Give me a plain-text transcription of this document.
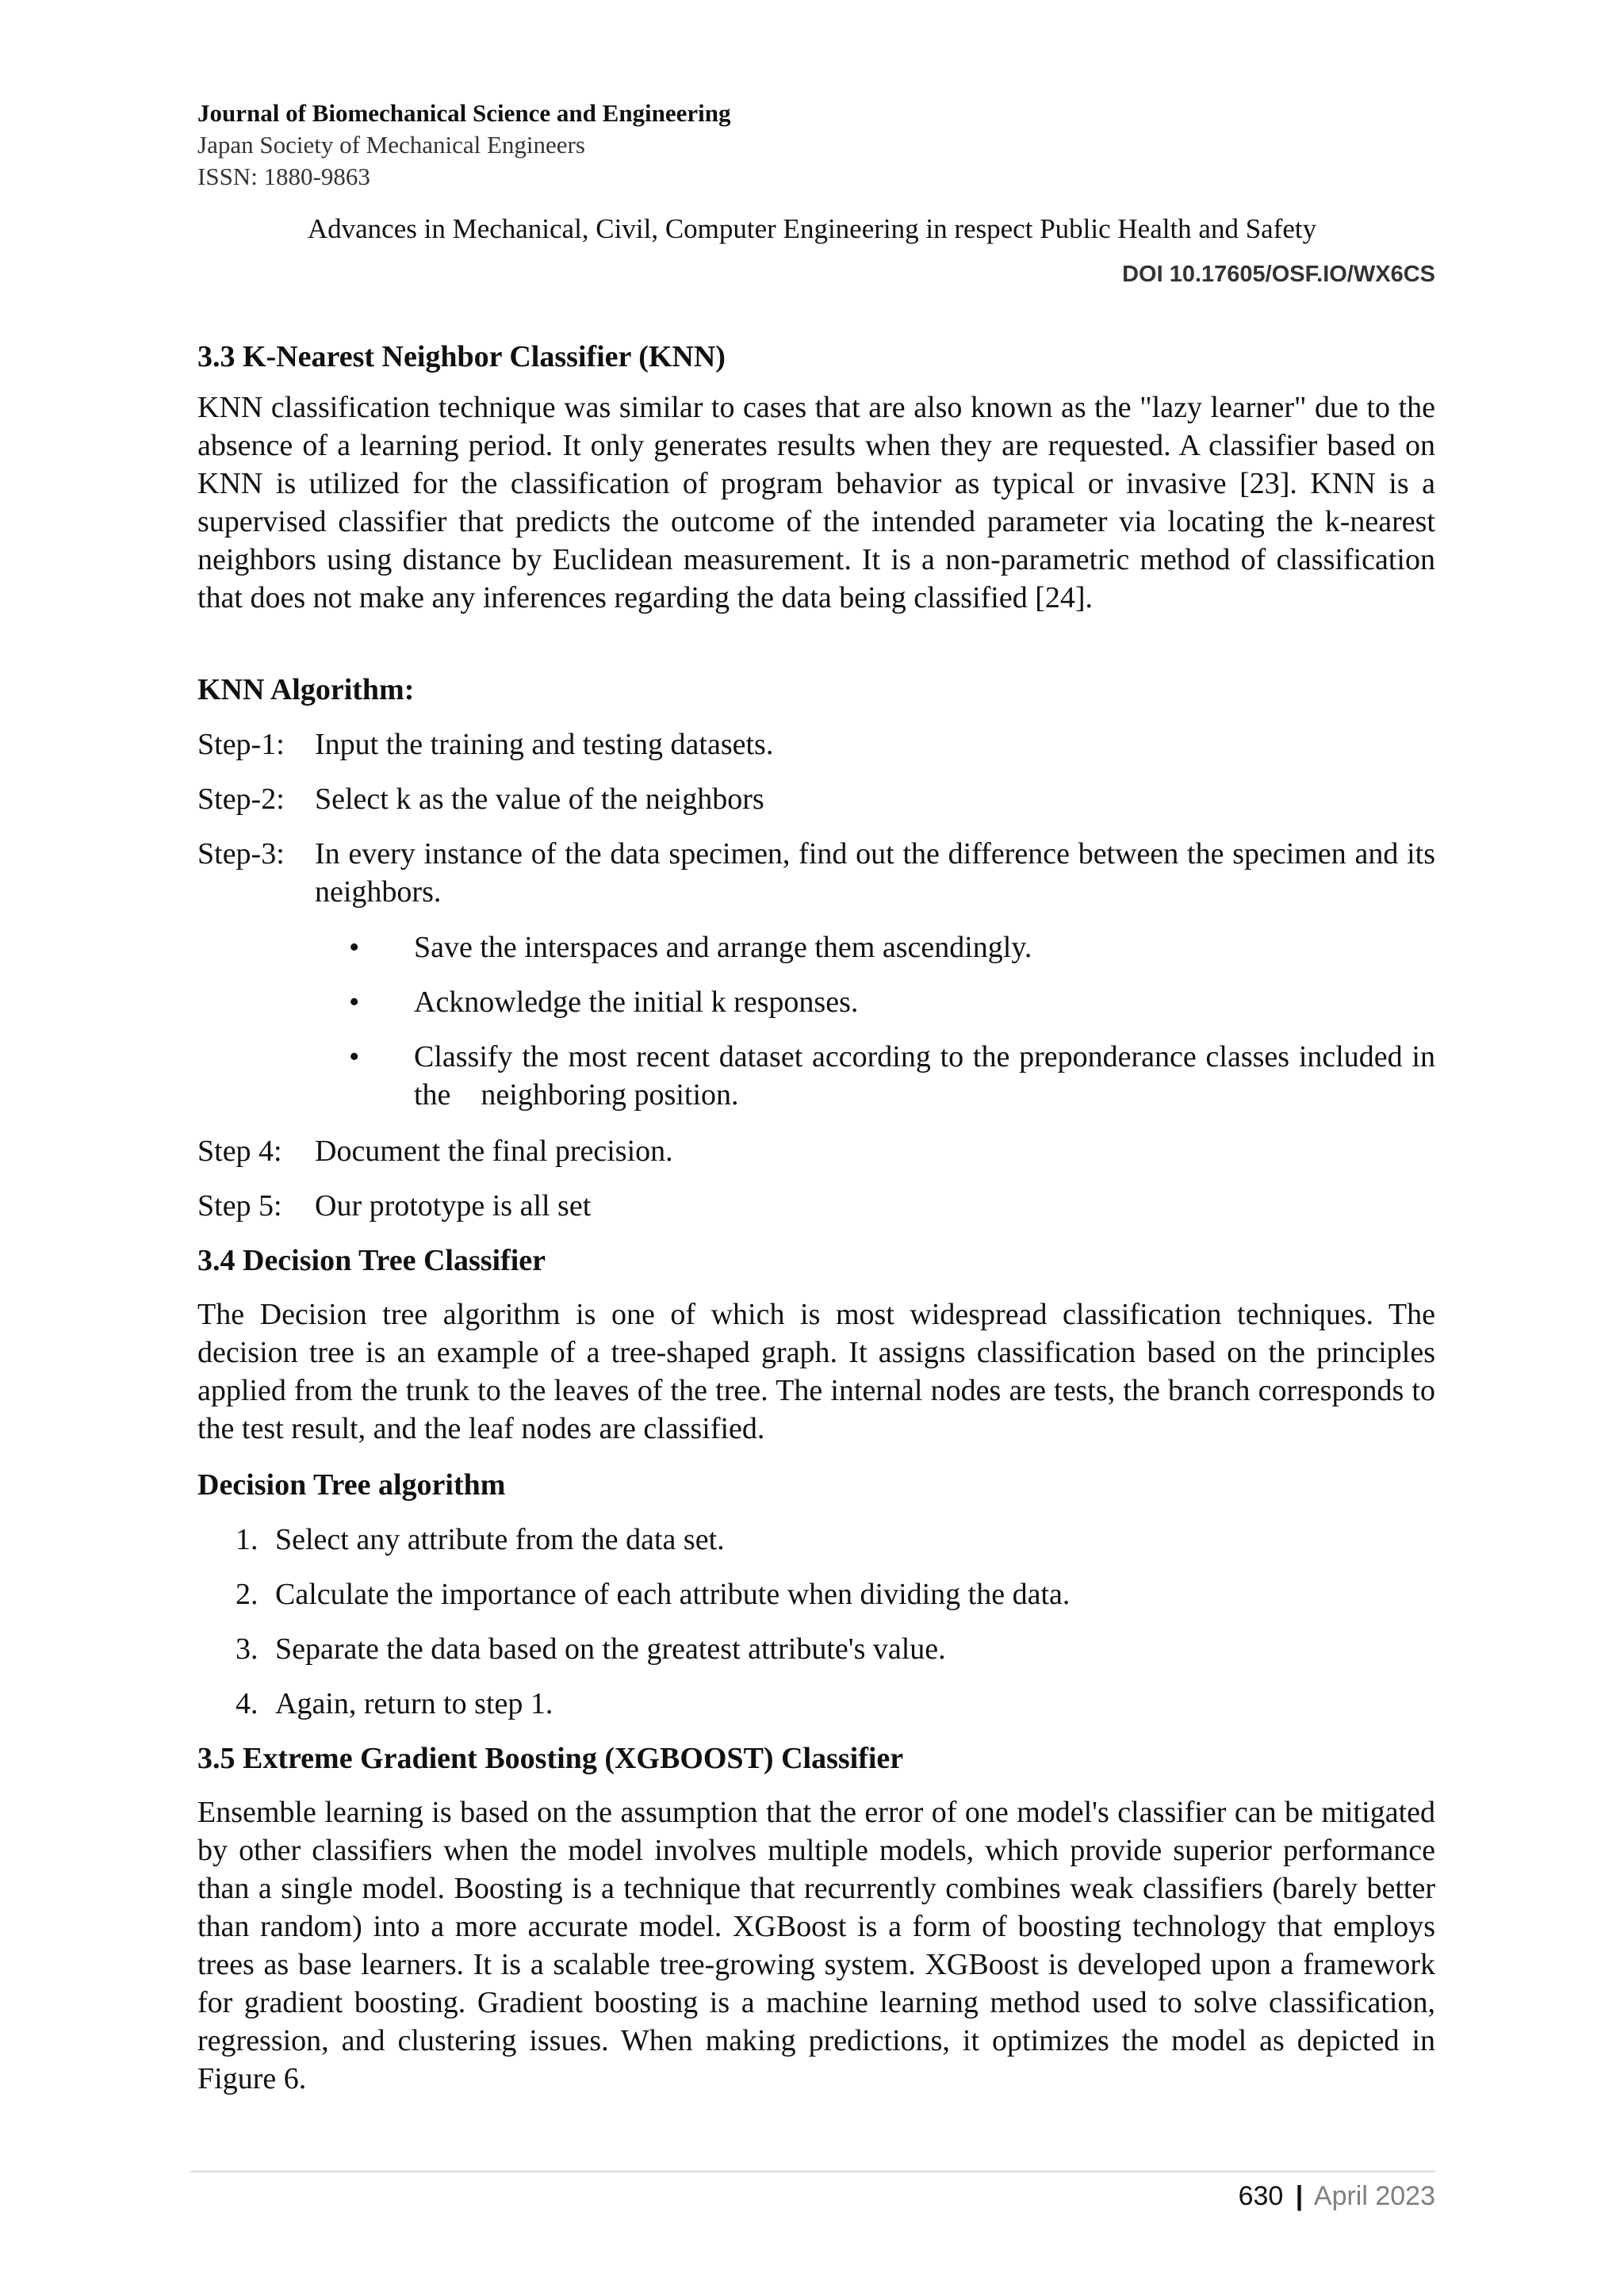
Journal of Biomechanical Science and Engineering
Japan Society of Mechanical Engineers
ISSN: 1880-9863
Advances in Mechanical, Civil, Computer Engineering in respect Public Health and Safety
DOI 10.17605/OSF.IO/WX6CS
3.3 K-Nearest Neighbor Classifier (KNN)

KNN classification technique was similar to cases that are also known as the "lazy learner" due to the absence of a learning period. It only generates results when they are requested. A classifier based on KNN is utilized for the classification of program behavior as typical or invasive [23]. KNN is a supervised classifier that predicts the outcome of the intended parameter via locating the k-nearest neighbors using distance by Euclidean measurement. It is a non-parametric method of classification that does not make any inferences regarding the data being classified [24].

KNN Algorithm:
Step-1:	Input the training and testing datasets.
Step-2:	Select k as the value of the neighbors
Step-3:	In every instance of the data specimen, find out the difference between the specimen and its neighbors.
•	Save the interspaces and arrange them ascendingly.
•	Acknowledge the initial k responses.
•	Classify the most recent dataset according to the preponderance classes included in the    neighboring position.
Step 4:	Document the final precision.
Step 5:	Our prototype is all set
3.4 Decision Tree Classifier

The Decision tree algorithm is one of which is most widespread classification techniques. The decision tree is an example of a tree-shaped graph. It assigns classification based on the principles applied from the trunk to the leaves of the tree. The internal nodes are tests, the branch corresponds to the test result, and the leaf nodes are classified.

Decision Tree algorithm
1. Select any attribute from the data set.
2. Calculate the importance of each attribute when dividing the data.
3. Separate the data based on the greatest attribute's value.
4. Again, return to step 1.
3.5 Extreme Gradient Boosting (XGBOOST) Classifier

Ensemble learning is based on the assumption that the error of one model's classifier can be mitigated by other classifiers when the model involves multiple models, which provide superior performance than a single model. Boosting is a technique that recurrently combines weak classifiers (barely better than random) into a more accurate model. XGBoost is a form of boosting technology that employs trees as base learners. It is a scalable tree-growing system. XGBoost is developed upon a framework for gradient boosting. Gradient boosting is a machine learning method used to solve classification, regression, and clustering issues. When making predictions, it optimizes the model as depicted in Figure 6.

630 | April 2023
